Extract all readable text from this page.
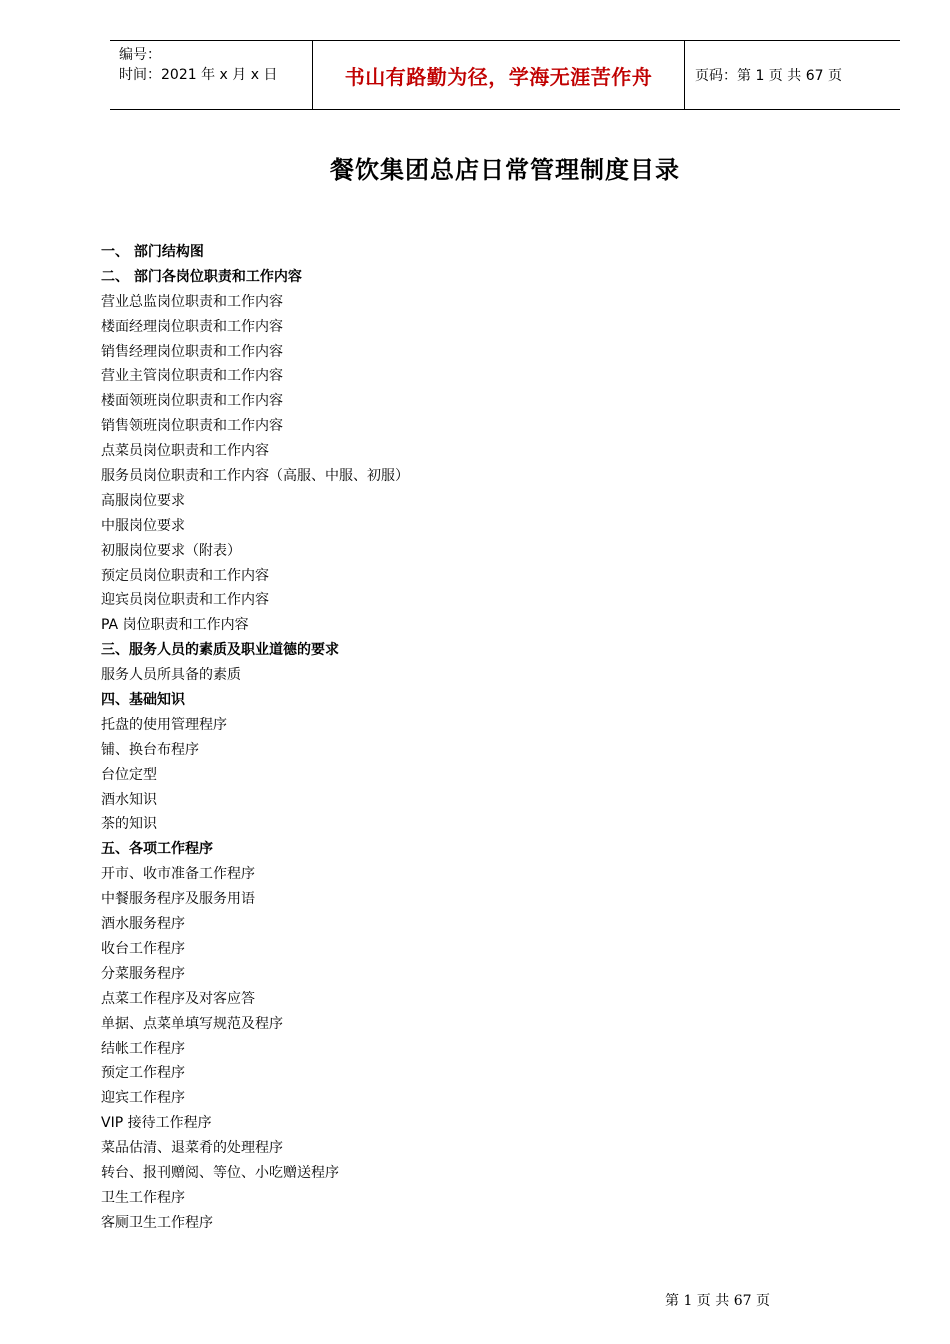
编号：
时间：2021 年 x 月 x 日	书山有路勤为径，学海无涯苦作舟	页码：第 1 页 共 67 页
餐饮集团总店日常管理制度目录
一、 部门结构图
二、 部门各岗位职责和工作内容
营业总监岗位职责和工作内容
楼面经理岗位职责和工作内容
销售经理岗位职责和工作内容
营业主管岗位职责和工作内容
楼面领班岗位职责和工作内容
销售领班岗位职责和工作内容
点菜员岗位职责和工作内容
服务员岗位职责和工作内容（高服、中服、初服）
高服岗位要求
中服岗位要求
初服岗位要求（附表）
预定员岗位职责和工作内容
迎宾员岗位职责和工作内容
PA 岗位职责和工作内容
三、服务人员的素质及职业道德的要求
服务人员所具备的素质
四、基础知识
托盘的使用管理程序
铺、换台布程序
台位定型
酒水知识
茶的知识
五、各项工作程序
开市、收市准备工作程序
中餐服务程序及服务用语
酒水服务程序
收台工作程序
分菜服务程序
点菜工作程序及对客应答
单据、点菜单填写规范及程序
结帐工作程序
预定工作程序
迎宾工作程序
VIP 接待工作程序
菜品估清、退菜肴的处理程序
转台、报刊赠阅、等位、小吃赠送程序
卫生工作程序
客厕卫生工作程序
第 1 页 共 67 页
